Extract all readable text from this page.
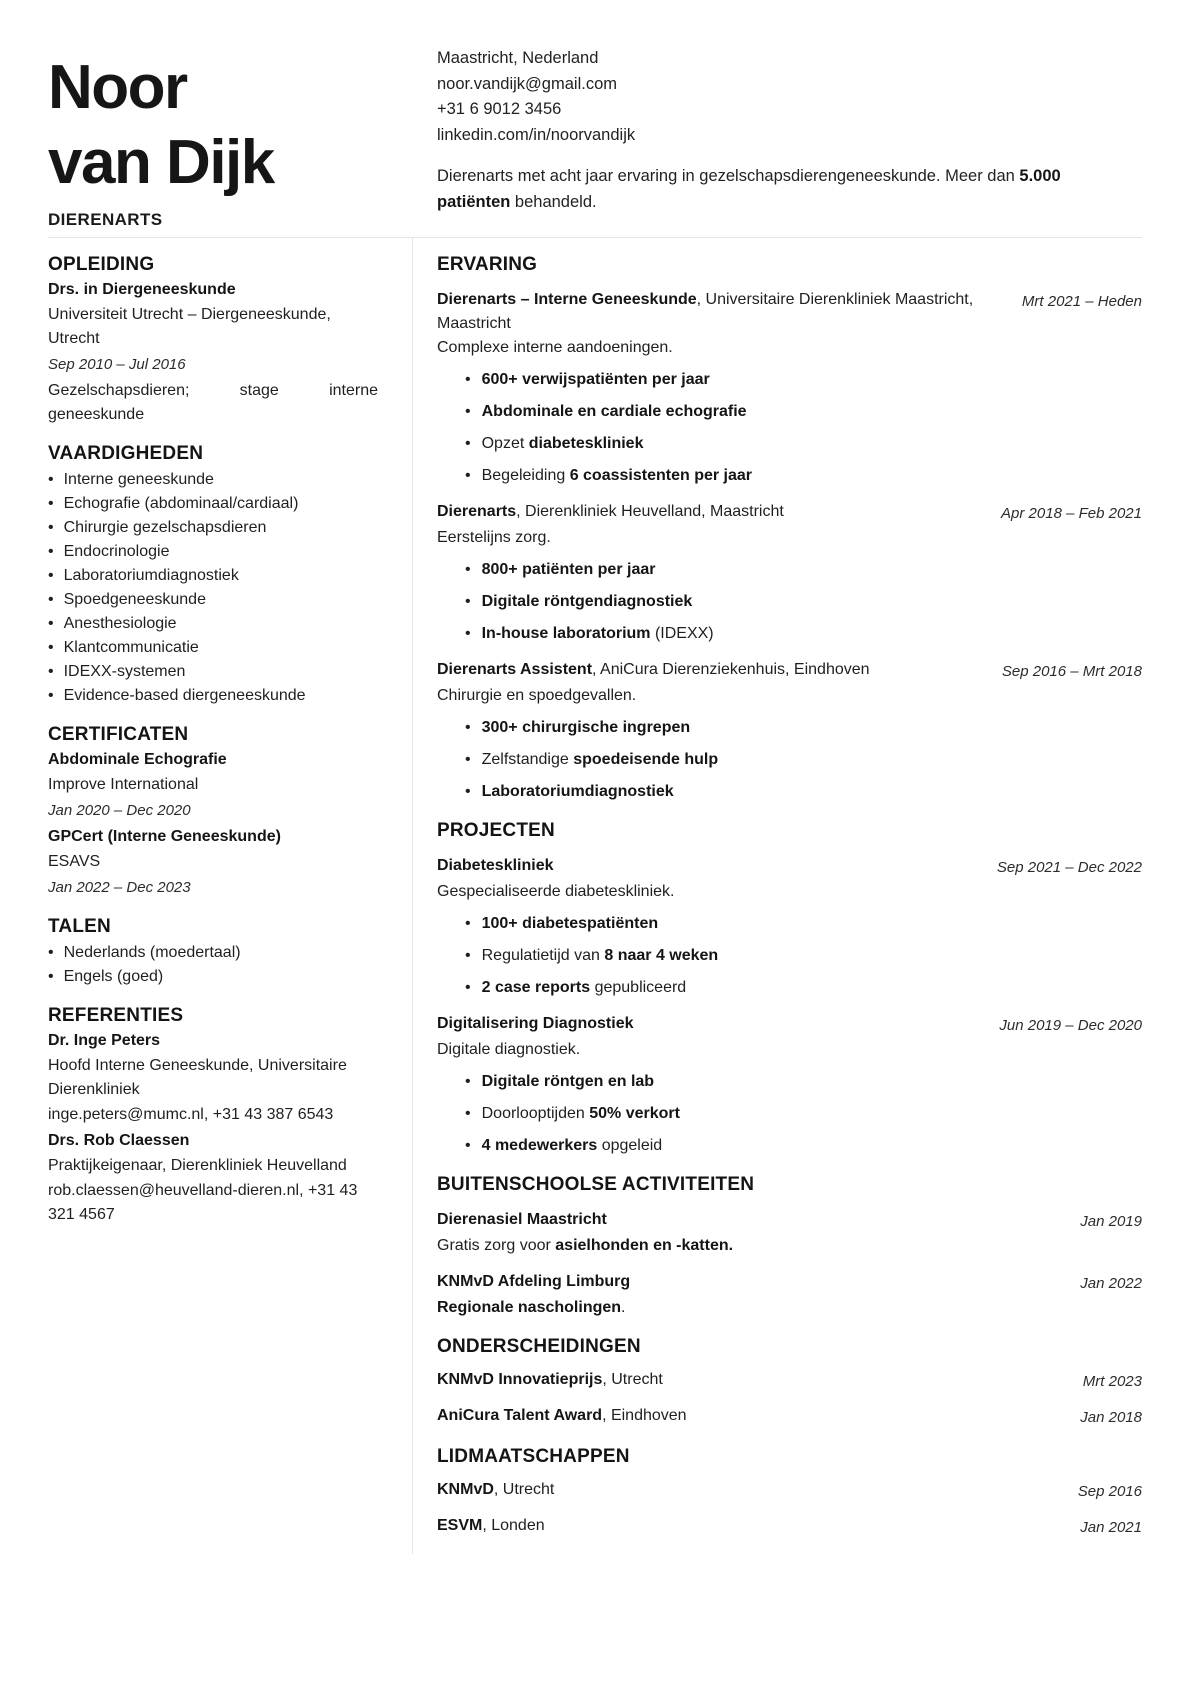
Noor
van Dijk
DIERENARTS
Maastricht, Nederland
noor.vandijk@gmail.com
+31 6 9012 3456
linkedin.com/in/noorvandijk

Dierenarts met acht jaar ervaring in gezelschapsdierengeneeskunde. Meer dan 5.000 patiënten behandeld.

OPLEIDING
Drs. in Diergeneeskunde
Universiteit Utrecht – Diergeneeskunde, Utrecht
Sep 2010 – Jul 2016
Gezelschapsdieren; stage interne geneeskunde
VAARDIGHEDEN
• Interne geneeskunde
• Echografie (abdominaal/cardiaal)
• Chirurgie gezelschapsdieren
• Endocrinologie
• Laboratoriumdiagnostiek
• Spoedgeneeskunde
• Anesthesiologie
• Klantcommunicatie
• IDEXX-systemen
• Evidence-based diergeneeskunde
CERTIFICATEN
Abdominale Echografie
Improve International
Jan 2020 – Dec 2020
GPCert (Interne Geneeskunde)
ESAVS
Jan 2022 – Dec 2023
TALEN
• Nederlands (moedertaal)
• Engels (goed)
REFERENTIES
Dr. Inge Peters
Hoofd Interne Geneeskunde, Universitaire Dierenkliniek
inge.peters@mumc.nl, +31 43 387 6543
Drs. Rob Claessen
Praktijkeigenaar, Dierenkliniek Heuvelland
rob.claessen@heuvelland-dieren.nl, +31 43 321 4567
ERVARING
Dierenarts – Interne Geneeskunde, Universitaire Dierenkliniek Maastricht, Maastricht
Mrt 2021 – Heden
Complexe interne aandoeningen.
• 600+ verwijspatiënten per jaar
• Abdominale en cardiale echografie
• Opzet diabeteskliniek
• Begeleiding 6 coassistenten per jaar
Dierenarts, Dierenkliniek Heuvelland, Maastricht	Apr 2018 – Feb 2021
Eerstelijns zorg.
• 800+ patiënten per jaar
• Digitale röntgendiagnostiek
• In-house laboratorium (IDEXX)
Dierenarts Assistent, AniCura Dierenziekenhuis, Eindhoven	Sep 2016 – Mrt 2018
Chirurgie en spoedgevallen.
• 300+ chirurgische ingrepen
• Zelfstandige spoedeisende hulp
• Laboratoriumdiagnostiek
PROJECTEN
Diabeteskliniek	Sep 2021 – Dec 2022
Gespecialiseerde diabeteskliniek.
• 100+ diabetespatiënten
• Regulatietijd van 8 naar 4 weken
• 2 case reports gepubliceerd
Digitalisering Diagnostiek	Jun 2019 – Dec 2020
Digitale diagnostiek.
• Digitale röntgen en lab
• Doorlooptijden 50% verkort
• 4 medewerkers opgeleid
BUITENSCHOOLSE ACTIVITEITEN
Dierenasiel Maastricht	Jan 2019
Gratis zorg voor asielhonden en -katten.
KNMvD Afdeling Limburg	Jan 2022
Regionale nascholingen.
ONDERSCHEIDINGEN
KNMvD Innovatieprijs, Utrecht	Mrt 2023
AniCura Talent Award, Eindhoven	Jan 2018
LIDMAATSCHAPPEN
KNMvD, Utrecht	Sep 2016
ESVM, Londen	Jan 2021
